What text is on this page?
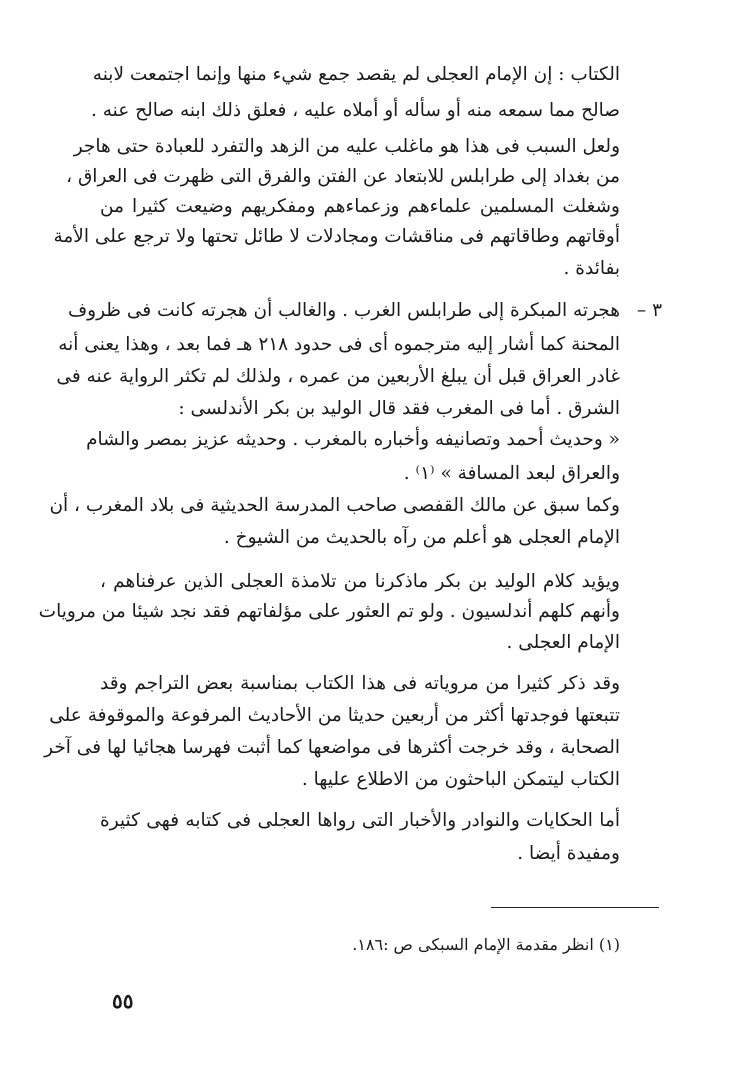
الكتاب : إن الإمام العجلى لم يقصد جمع شيء منها وإنما اجتمعت لابنه
صالح مما سمعه منه أو سأله أو أملاه عليه ، فعلق ذلك ابنه صالح عنه .
ولعل السبب فى هذا هو ماغلب عليه من الزهد والتفرد للعبادة حتى هاجر
من بغداد إلى طرابلس للابتعاد عن الفتن والفرق التى ظهرت فى العراق ،
وشغلت المسلمين علماءهم وزعماءهم ومفكريهم وضيعت كثيرا من
أوقاتهم وطاقاتهم فى مناقشات ومجادلات لا طائل تحتها ولا ترجع على الأمة
بفائدة .
٣ –
هجرته المبكرة إلى طرابلس الغرب . والغالب أن هجرته كانت فى ظروف
المحنة كما أشار إليه مترجموه أى فى حدود ٢١٨ هـ فما بعد ، وهذا يعنى أنه
غادر العراق قبل أن يبلغ الأربعين من عمره ، ولذلك لم تكثر الرواية عنه فى
الشرق . أما فى المغرب فقد قال الوليد بن بكر الأندلسى :
« وحديث أحمد وتصانيفه وأخباره بالمغرب . وحديثه عزيز بمصر والشام
والعراق لبعد المسافة » ⁽١⁾ .
وكما سبق عن مالك القفصى صاحب المدرسة الحديثية فى بلاد المغرب ، أن
الإمام العجلى هو أعلم من رآه بالحديث من الشيوخ .
ويؤيد كلام الوليد بن بكر ماذكرنا من تلامذة العجلى الذين عرفناهم ،
وأنهم كلهم أندلسيون . ولو تم العثور على مؤلفاتهم فقد نجد شيئا من مرويات
الإمام العجلى .
وقد ذكر كثيرا من مروياته فى هذا الكتاب بمناسبة بعض التراجم وقد
تتبعتها فوجدتها أكثر من أربعين حديثا من الأحاديث المرفوعة والموقوفة على
الصحابة ، وقد خرجت أكثرها فى مواضعها كما أثبت فهرسا هجائيا لها فى آخر
الكتاب ليتمكن الباحثون من الاطلاع عليها .
أما الحكايات والنوادر والأخبار التى رواها العجلى فى كتابه فهى كثيرة
ومفيدة أيضا .
(١) انظر مقدمة الإمام السبكى ص :١٨٦.
٥٥
